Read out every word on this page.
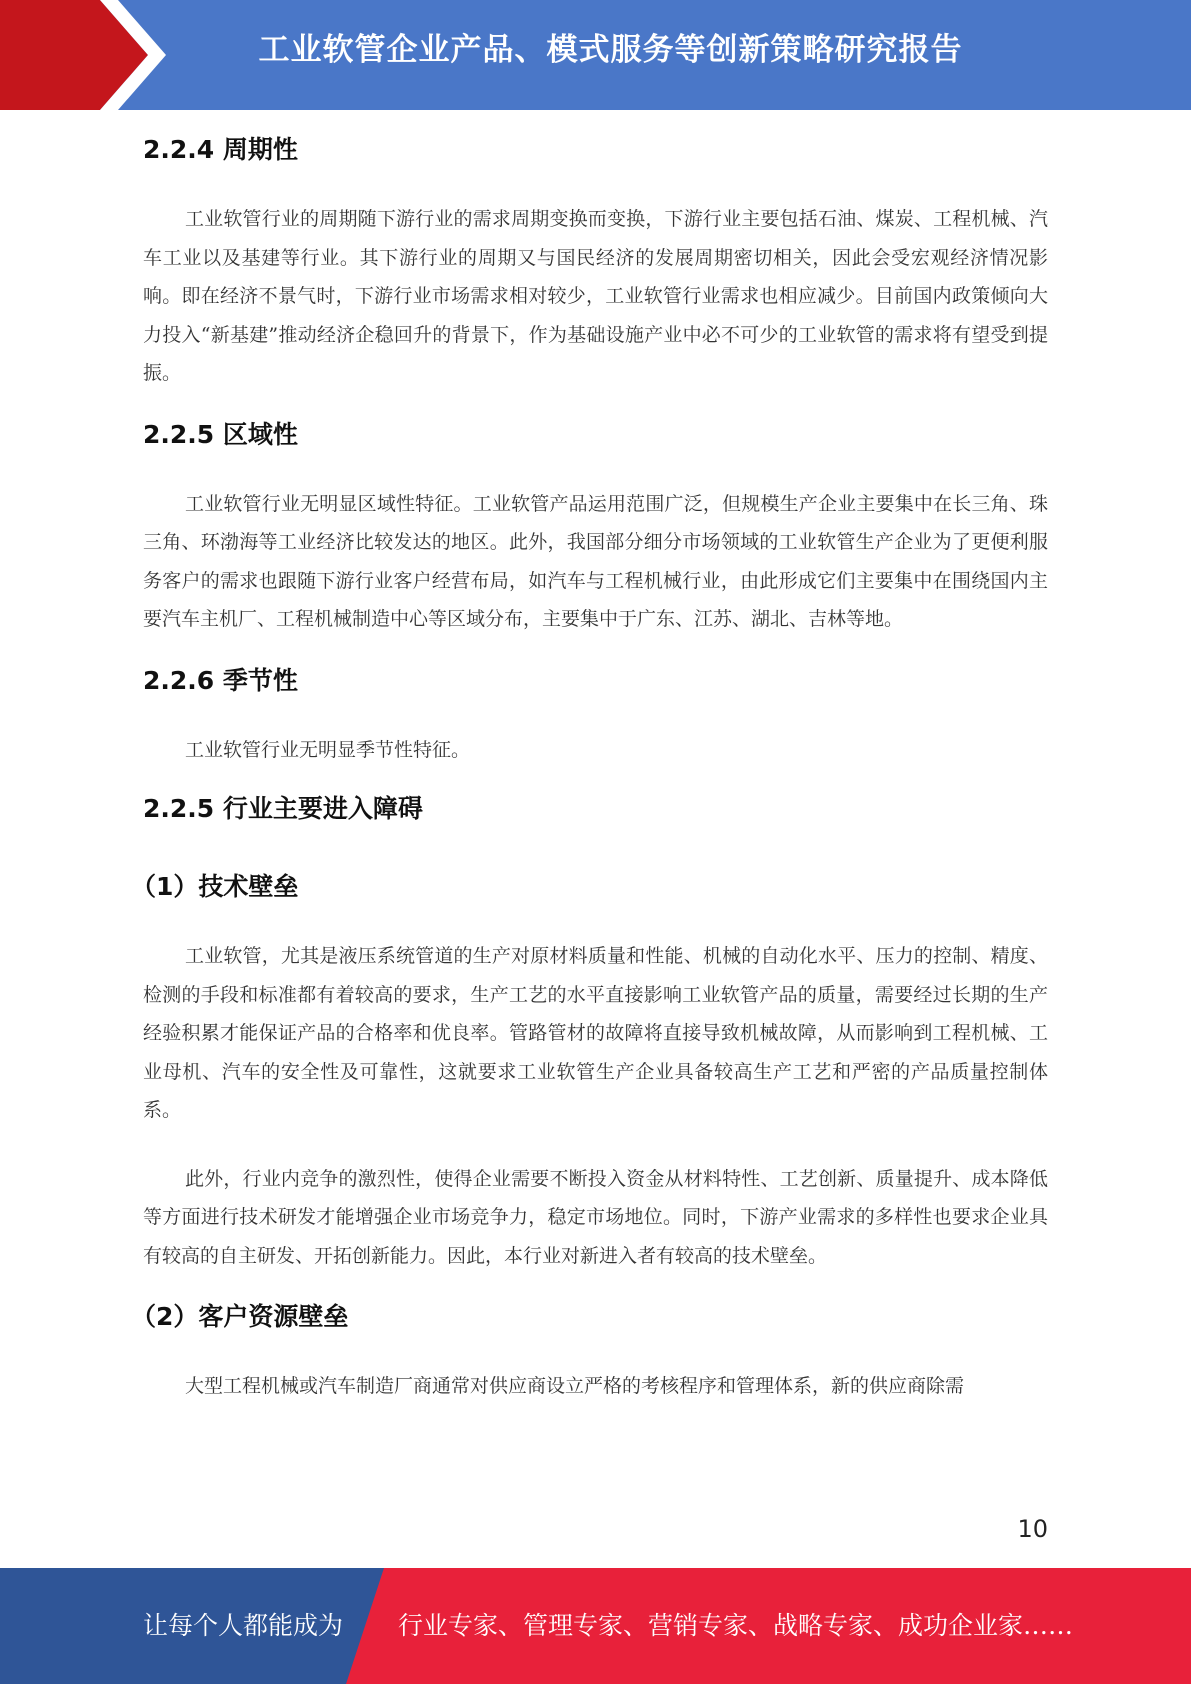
工业软管企业产品、模式服务等创新策略研究报告
2.2.4 周期性

工业软管行业的周期随下游行业的需求周期变换而变换，下游行业主要包括石油、煤炭、工程机械、汽车工业以及基建等行业。其下游行业的周期又与国民经济的发展周期密切相关，因此会受宏观经济情况影响。即在经济不景气时，下游行业市场需求相对较少，工业软管行业需求也相应减少。目前国内政策倾向大力投入“新基建”推动经济企稳回升的背景下，作为基础设施产业中必不可少的工业软管的需求将有望受到提振。

2.2.5 区域性

工业软管行业无明显区域性特征。工业软管产品运用范围广泛，但规模生产企业主要集中在长三角、珠三角、环渤海等工业经济比较发达的地区。此外，我国部分细分市场领域的工业软管生产企业为了更便利服务客户的需求也跟随下游行业客户经营布局，如汽车与工程机械行业，由此形成它们主要集中在围绕国内主要汽车主机厂、工程机械制造中心等区域分布，主要集中于广东、江苏、湖北、吉林等地。

2.2.6 季节性

工业软管行业无明显季节性特征。

2.2.5 行业主要进入障碍
（1）技术壁垒

工业软管，尤其是液压系统管道的生产对原材料质量和性能、机械的自动化水平、压力的控制、精度、检测的手段和标准都有着较高的要求，生产工艺的水平直接影响工业软管产品的质量，需要经过长期的生产经验积累才能保证产品的合格率和优良率。管路管材的故障将直接导致机械故障，从而影响到工程机械、工业母机、汽车的安全性及可靠性，这就要求工业软管生产企业具备较高生产工艺和严密的产品质量控制体系。

此外，行业内竞争的激烈性，使得企业需要不断投入资金从材料特性、工艺创新、质量提升、成本降低等方面进行技术研发才能增强企业市场竞争力，稳定市场地位。同时，下游产业需求的多样性也要求企业具有较高的自主研发、开拓创新能力。因此，本行业对新进入者有较高的技术壁垒。

（2）客户资源壁垒

大型工程机械或汽车制造厂商通常对供应商设立严格的考核程序和管理体系，新的供应商除需

10
让每个人都能成为 行业专家、管理专家、营销专家、战略专家、成功企业家……
